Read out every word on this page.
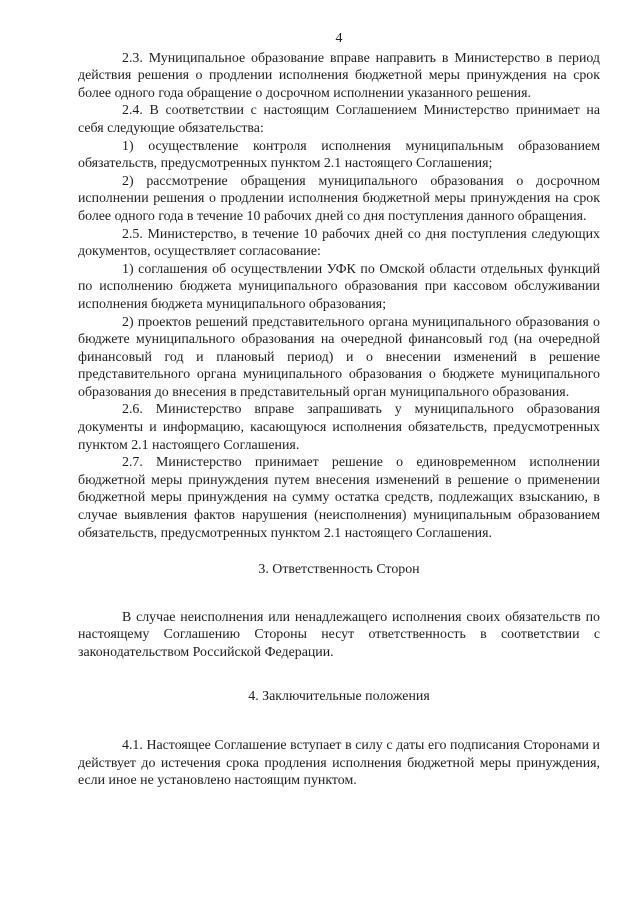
4

2.3. Муниципальное образование вправе направить в Министерство в период действия решения о продлении исполнения бюджетной меры принуждения на срок более одного года обращение о досрочном исполнении указанного решения.

2.4. В соответствии с настоящим Соглашением Министерство принимает на себя следующие обязательства:

1) осуществление контроля исполнения муниципальным образованием обязательств, предусмотренных пунктом 2.1 настоящего Соглашения;

2) рассмотрение обращения муниципального образования о досрочном исполнении решения о продлении исполнения бюджетной меры принуждения на срок более одного года в течение 10 рабочих дней со дня поступления данного обращения.

2.5. Министерство, в течение 10 рабочих дней со дня поступления следующих документов, осуществляет согласование:

1) соглашения об осуществлении УФК по Омской области отдельных функций по исполнению бюджета муниципального образования при кассовом обслуживании исполнения бюджета муниципального образования;

2) проектов решений представительного органа муниципального образования о бюджете муниципального образования на очередной финансовый год (на очередной финансовый год и плановый период) и о внесении изменений в решение представительного органа муниципального образования о бюджете муниципального образования до внесения в представительный орган муниципального образования.

2.6. Министерство вправе запрашивать у муниципального образования документы и информацию, касающуюся исполнения обязательств, предусмотренных пунктом 2.1 настоящего Соглашения.

2.7. Министерство принимает решение о единовременном исполнении бюджетной меры принуждения путем внесения изменений в решение о применении бюджетной меры принуждения на сумму остатка средств, подлежащих взысканию, в случае выявления фактов нарушения (неисполнения) муниципальным образованием обязательств, предусмотренных пунктом 2.1 настоящего Соглашения.

3. Ответственность Сторон

В случае неисполнения или ненадлежащего исполнения своих обязательств по настоящему Соглашению Стороны несут ответственность в соответствии с законодательством Российской Федерации.

4. Заключительные положения

4.1. Настоящее Соглашение вступает в силу с даты его подписания Сторонами и действует до истечения срока продления исполнения бюджетной меры принуждения, если иное не установлено настоящим пунктом.
